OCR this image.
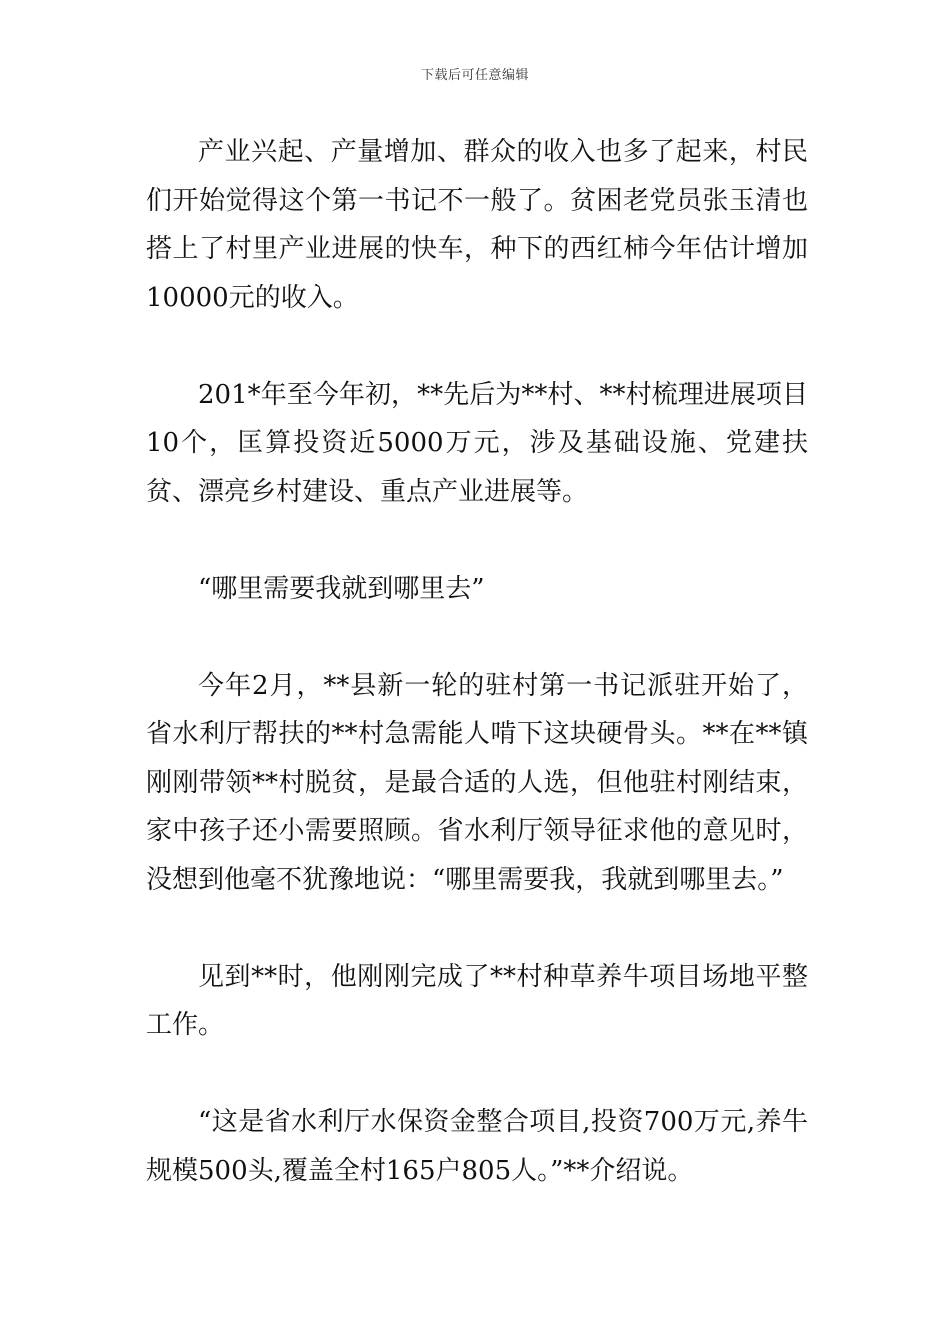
下载后可任意编辑

产业兴起、产量增加、群众的收入也多了起来，村民们开始觉得这个第一书记不一般了。贫困老党员张玉清也搭上了村里产业进展的快车，种下的西红柿今年估计增加10000元的收入。

201*年至今年初，**先后为**村、**村梳理进展项目10个，匡算投资近5000万元，涉及基础设施、党建扶贫、漂亮乡村建设、重点产业进展等。

“哪里需要我就到哪里去”

今年2月，**县新一轮的驻村第一书记派驻开始了，省水利厅帮扶的**村急需能人啃下这块硬骨头。**在**镇刚刚带领**村脱贫，是最合适的人选，但他驻村刚结束，家中孩子还小需要照顾。省水利厅领导征求他的意见时，没想到他毫不犹豫地说：“哪里需要我，我就到哪里去。”

见到**时，他刚刚完成了**村种草养牛项目场地平整工作。

“这是省水利厅水保资金整合项目,投资700万元,养牛规模500头,覆盖全村165户805人。”**介绍说。
